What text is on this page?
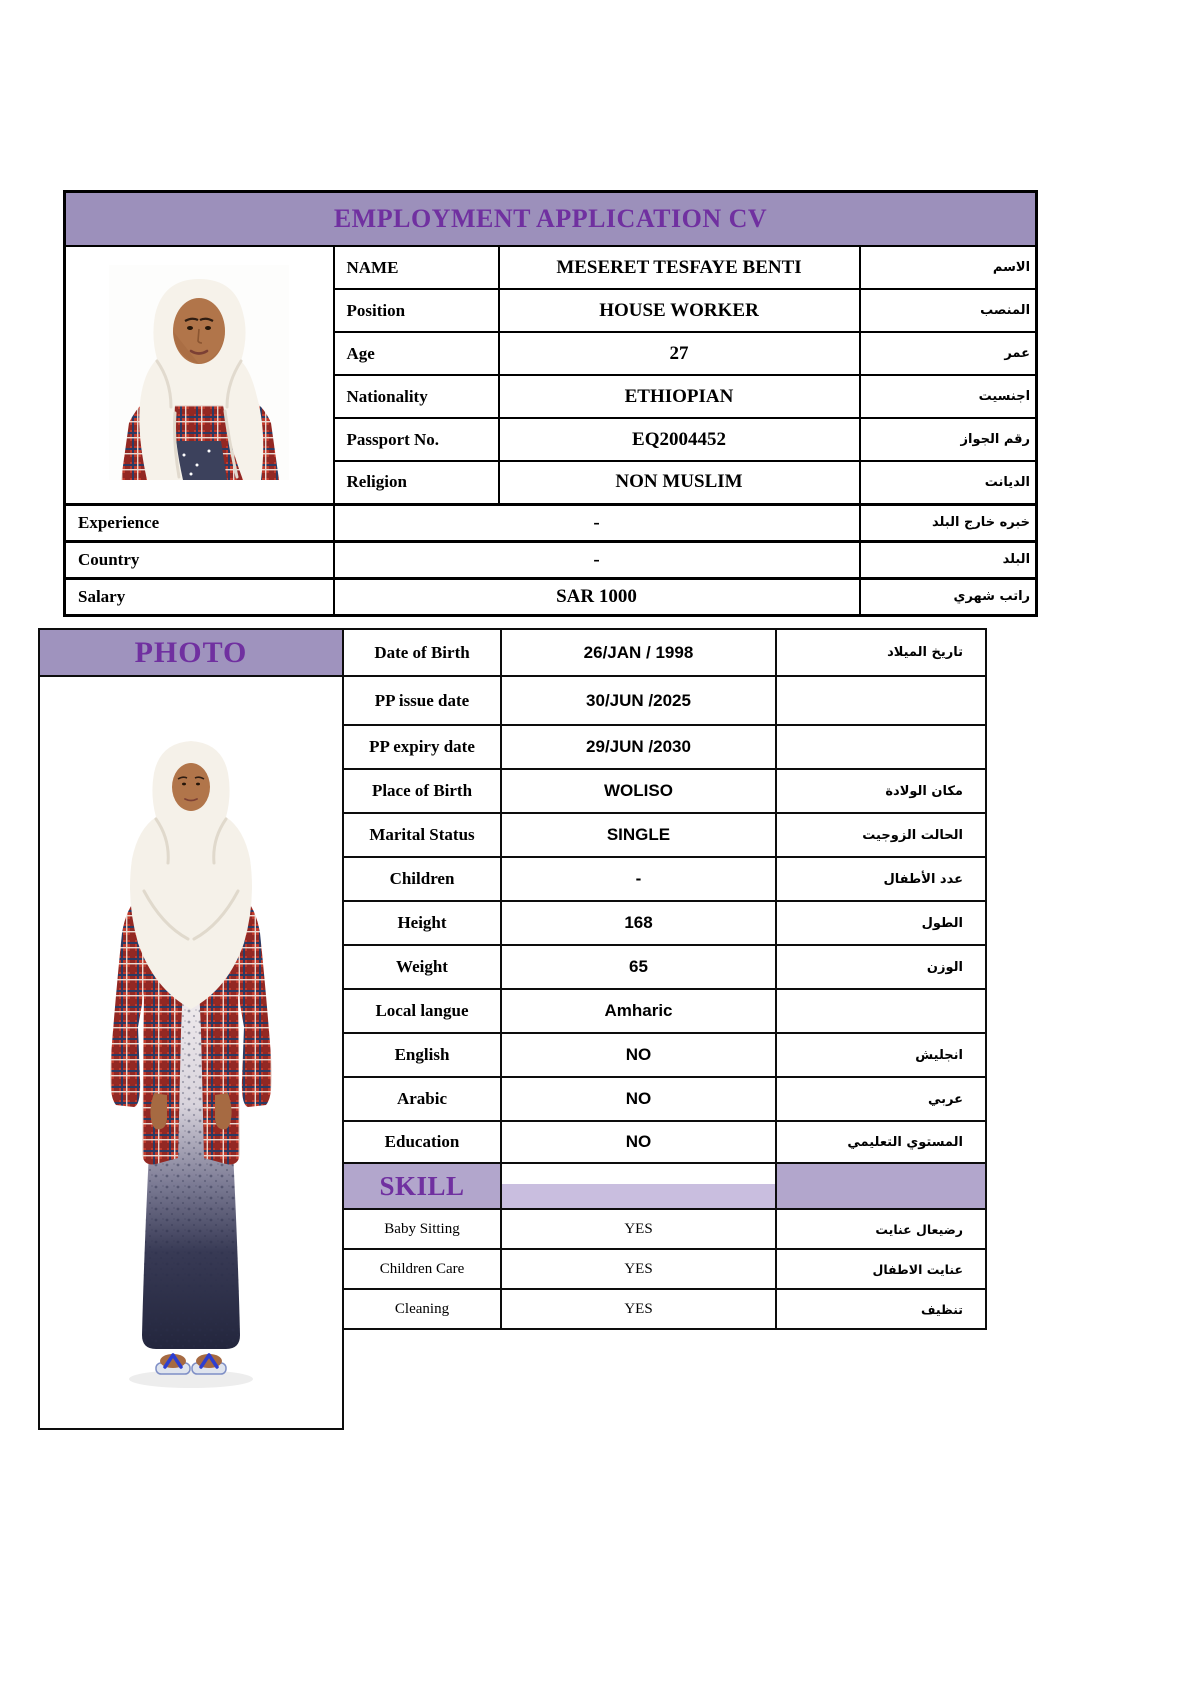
EMPLOYMENT APPLICATION CV			
	NAME	MESERET TESFAYE BENTI	الاسم
	Position	HOUSE WORKER	المنصب
	Age	27	عمر
	Nationality	ETHIOPIAN	اجنسيت
	Passport No.	EQ2004452	رقم الجواز
	Religion	NON MUSLIM	الديانت
Experience	-		خبره خارج البلد
Country	-		البلد
Salary	SAR 1000		راتب شهري
PHOTO	Date of Birth	26/JAN / 1998	تاريخ الميلاد

	PP issue date	30/JUN /2025	
	PP expiry date	29/JUN /2030	
	Place of Birth	WOLISO	مكان الولادة
	Marital Status	SINGLE	الحالت الزوجيت
	Children	-	عدد الأطفال
	Height	168	الطول
	Weight	65	الوزن
	Local langue	Amharic	
	English	NO	انجليش
	Arabic	NO	عربي
	Education	NO	المستوي التعليمي
	SKILL		
	Baby Sitting	YES	رضيعال عنايت
	Children Care	YES	عنايت الاطفال
	Cleaning	YES	تنظيف
